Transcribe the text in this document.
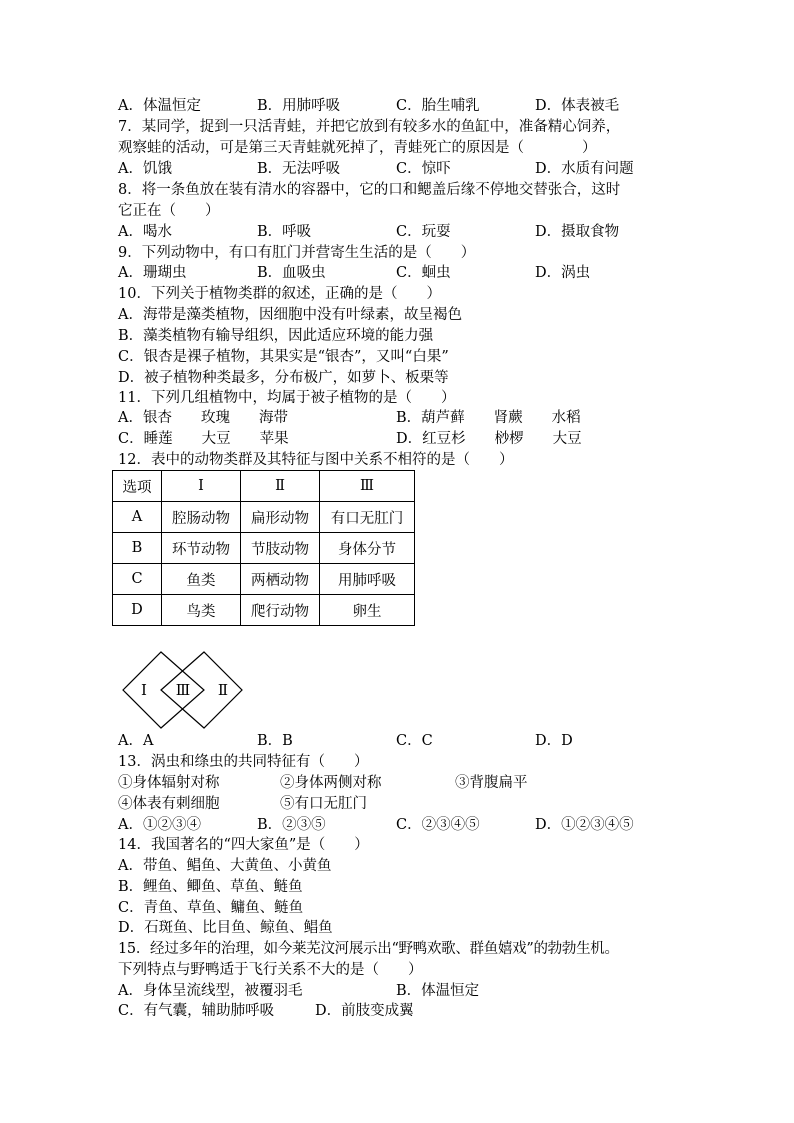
A．体温恒定	B．用肺呼吸	C．胎生哺乳	D．体表被毛
7．某同学，捉到一只活青蛙，并把它放到有较多水的鱼缸中，准备精心饲养，
观察蛙的活动，可是第三天青蛙就死掉了，青蛙死亡的原因是（　　　　）
A．饥饿	B．无法呼吸	C．惊吓	D．水质有问题
8．将一条鱼放在装有清水的容器中，它的口和鳃盖后缘不停地交替张合，这时
它正在（　　）
A．喝水	B．呼吸	C．玩耍	D．摄取食物
9．下列动物中，有口有肛门并营寄生生活的是（　　）
A．珊瑚虫	B．血吸虫	C．蛔虫	D．涡虫
10．下列关于植物类群的叙述，正确的是（　　）
A．海带是藻类植物，因细胞中没有叶绿素，故呈褐色
B．藻类植物有输导组织，因此适应环境的能力强
C．银杏是裸子植物，其果实是“银杏”，又叫“白果”
D．被子植物种类最多，分布极广，如萝卜、板栗等
11．下列几组植物中，均属于被子植物的是（　　）
A．银杏　　玫瑰　　海带	B．葫芦藓　　肾蕨　　水稻
C．睡莲　　大豆　　苹果	D．红豆杉　　桫椤　　大豆
12．表中的动物类群及其特征与图中关系不相符的是（　　）
选项	Ⅰ	Ⅱ	Ⅲ
A	腔肠动物	扁形动物	有口无肛门
B	环节动物	节肢动物	身体分节
C	鱼类	两栖动物	用肺呼吸
D	鸟类	爬行动物	卵生
Ⅰ Ⅲ Ⅱ
A．A	B．B	C．C	D．D
13．涡虫和绦虫的共同特征有（　　）
①身体辐射对称	②身体两侧对称	③背腹扁平
④体表有刺细胞	⑤有口无肛门
A．①②③④	B．②③⑤	C．②③④⑤	D．①②③④⑤
14．我国著名的“四大家鱼”是（　　）
A．带鱼、鲳鱼、大黄鱼、小黄鱼
B．鲤鱼、鲫鱼、草鱼、鲢鱼
C．青鱼、草鱼、鳙鱼、鲢鱼
D．石斑鱼、比目鱼、鲸鱼、鲳鱼
15．经过多年的治理，如今莱芜汶河展示出“野鸭欢歌、群鱼嬉戏”的勃勃生机。
下列特点与野鸭适于飞行关系不大的是（　　）
A．身体呈流线型，被覆羽毛	B．体温恒定
C．有气囊，辅助肺呼吸	D．前肢变成翼
